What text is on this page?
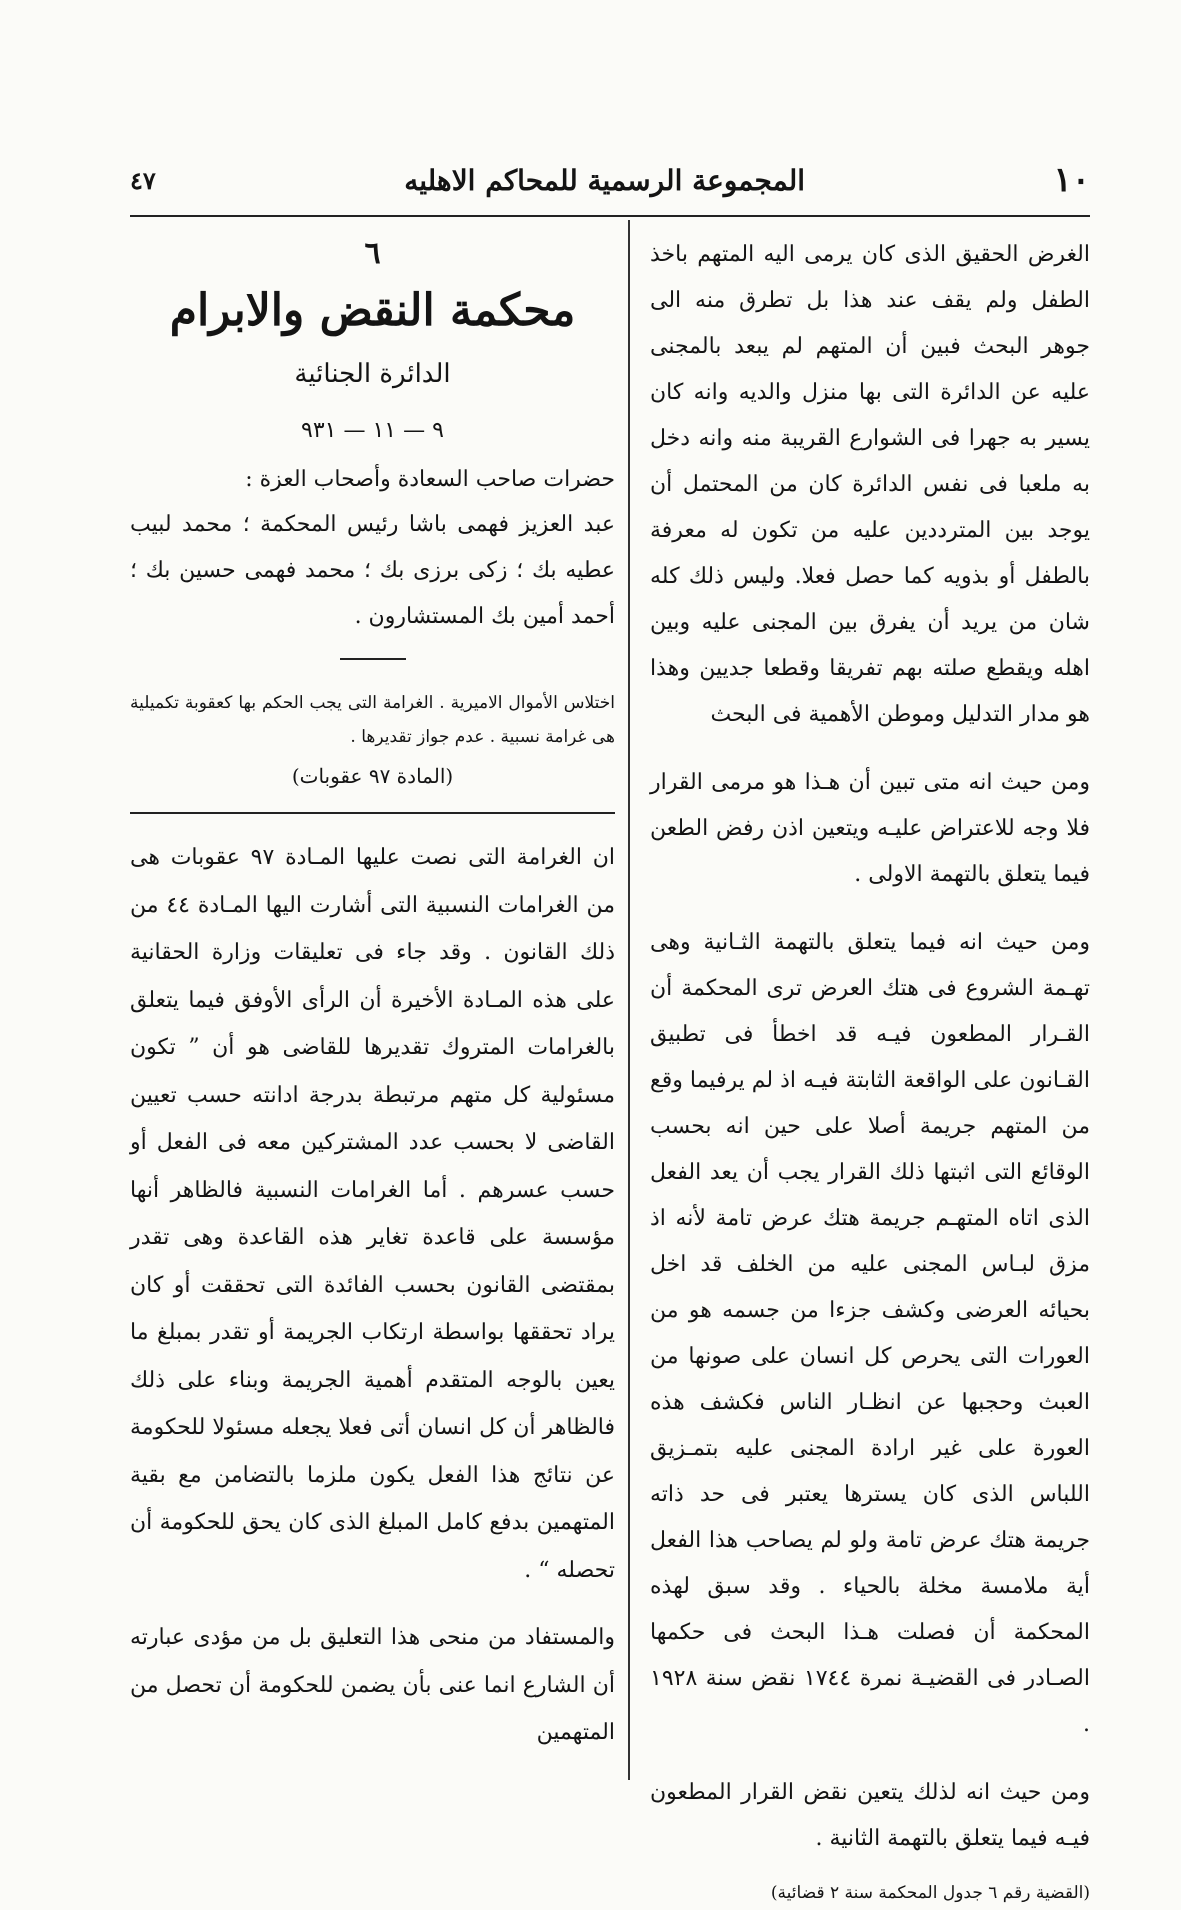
١٠
المجموعة الرسمية للمحاكم الاهليه
٤٧

الغرض الحقيق الذى كان يرمى اليه المتهم باخذ الطفل ولم يقف عند هذا بل تطرق منه الى جوهر البحث فبين أن المتهم لم يبعد بالمجنى عليه عن الدائرة التى بها منزل والديه وانه كان يسير به جهرا فى الشوارع القريبة منه وانه دخل به ملعبا فى نفس الدائرة كان من المحتمل أن يوجد بين المترددين عليه من تكون له معرفة بالطفل أو بذويه كما حصل فعلا. وليس ذلك كله شان من يريد أن يفرق بين المجنى عليه وبين اهله ويقطع صلته بهم تفريقا وقطعا جديين وهذا هو مدار التدليل وموطن الأهمية فى البحث

ومن حيث انه متى تبين أن هـذا هو مرمى القرار فلا وجه للاعتراض عليـه ويتعين اذن رفض الطعن فيما يتعلق بالتهمة الاولى .

ومن حيث انه فيما يتعلق بالتهمة الثـانية وهى تهـمة الشروع فى هتك العرض ترى المحكمة أن القـرار المطعون فيـه قد اخطأ فى تطبيق القـانون على الواقعة الثابتة فيـه اذ لم يرفيما وقع من المتهم جريمة أصلا على حين انه بحسب الوقائع التى اثبتها ذلك القرار يجب أن يعد الفعل الذى اتاه المتهـم جريمة هتك عرض تامة لأنه اذ مزق لبـاس المجنى عليه من الخلف قد اخل بحيائه العرضى وكشف جزءا من جسمه هو من العورات التى يحرص كل انسان على صونها من العبث وحجبها عن انظـار الناس فكشف هذه العورة على غير ارادة المجنى عليه بتمـزيق اللباس الذى كان يسترها يعتبر فى حد ذاته جريمة هتك عرض تامة ولو لم يصاحب هذا الفعل أية ملامسة مخلة بالحياء . وقد سبق لهذه المحكمة أن فصلت هـذا البحث فى حكمها الصـادر فى القضيـة نمرة ١٧٤٤ نقض سنة ١٩٢٨ .

ومن حيث انه لذلك يتعين نقض القرار المطعون فيـه فيما يتعلق بالتهمة الثانية .

(القضية رقم ٦ جدول المحكمة سنة ٢ قضائية)
٦
محكمة النقض والابرام
الدائرة الجنائية
٩ — ١١ — ٩٣١
حضرات صاحب السعادة وأصحاب العزة :

عبد العزيز فهمى باشا رئيس المحكمة ؛ محمد لبيب عطيه بك ؛ زكى برزى بك ؛ محمد فهمى حسين بك ؛ أحمد أمين بك المستشارون .

اختلاس الأموال الاميرية . الغرامة التى يجب الحكم بها كعقوبة تكميلية هى غرامة نسبية . عدم جواز تقديرها .

(المادة ٩٧ عقوبات)

ان الغرامة التى نصت عليها المـادة ٩٧ عقوبات هى من الغرامات النسبية التى أشارت اليها المـادة ٤٤ من ذلك القانون . وقد جاء فى تعليقات وزارة الحقانية على هذه المـادة الأخيرة أن الرأى الأوفق فيما يتعلق بالغرامات المتروك تقديرها للقاضى هو أن ” تكون مسئولية كل متهم مرتبطة بدرجة ادانته حسب تعيين القاضى لا بحسب عدد المشتركين معه فى الفعل أو حسب عسرهم . أما الغرامات النسبية فالظاهر أنها مؤسسة على قاعدة تغاير هذه القاعدة وهى تقدر بمقتضى القانون بحسب الفائدة التى تحققت أو كان يراد تحققها بواسطة ارتكاب الجريمة أو تقدر بمبلغ ما يعين بالوجه المتقدم أهمية الجريمة وبناء على ذلك فالظاهر أن كل انسان أتى فعلا يجعله مسئولا للحكومة عن نتائج هذا الفعل يكون ملزما بالتضامن مع بقية المتهمين بدفع كامل المبلغ الذى كان يحق للحكومة أن تحصله “ .

والمستفاد من منحى هذا التعليق بل من مؤدى عبارته أن الشارع انما عنى بأن يضمن للحكومة أن تحصل من المتهمين
